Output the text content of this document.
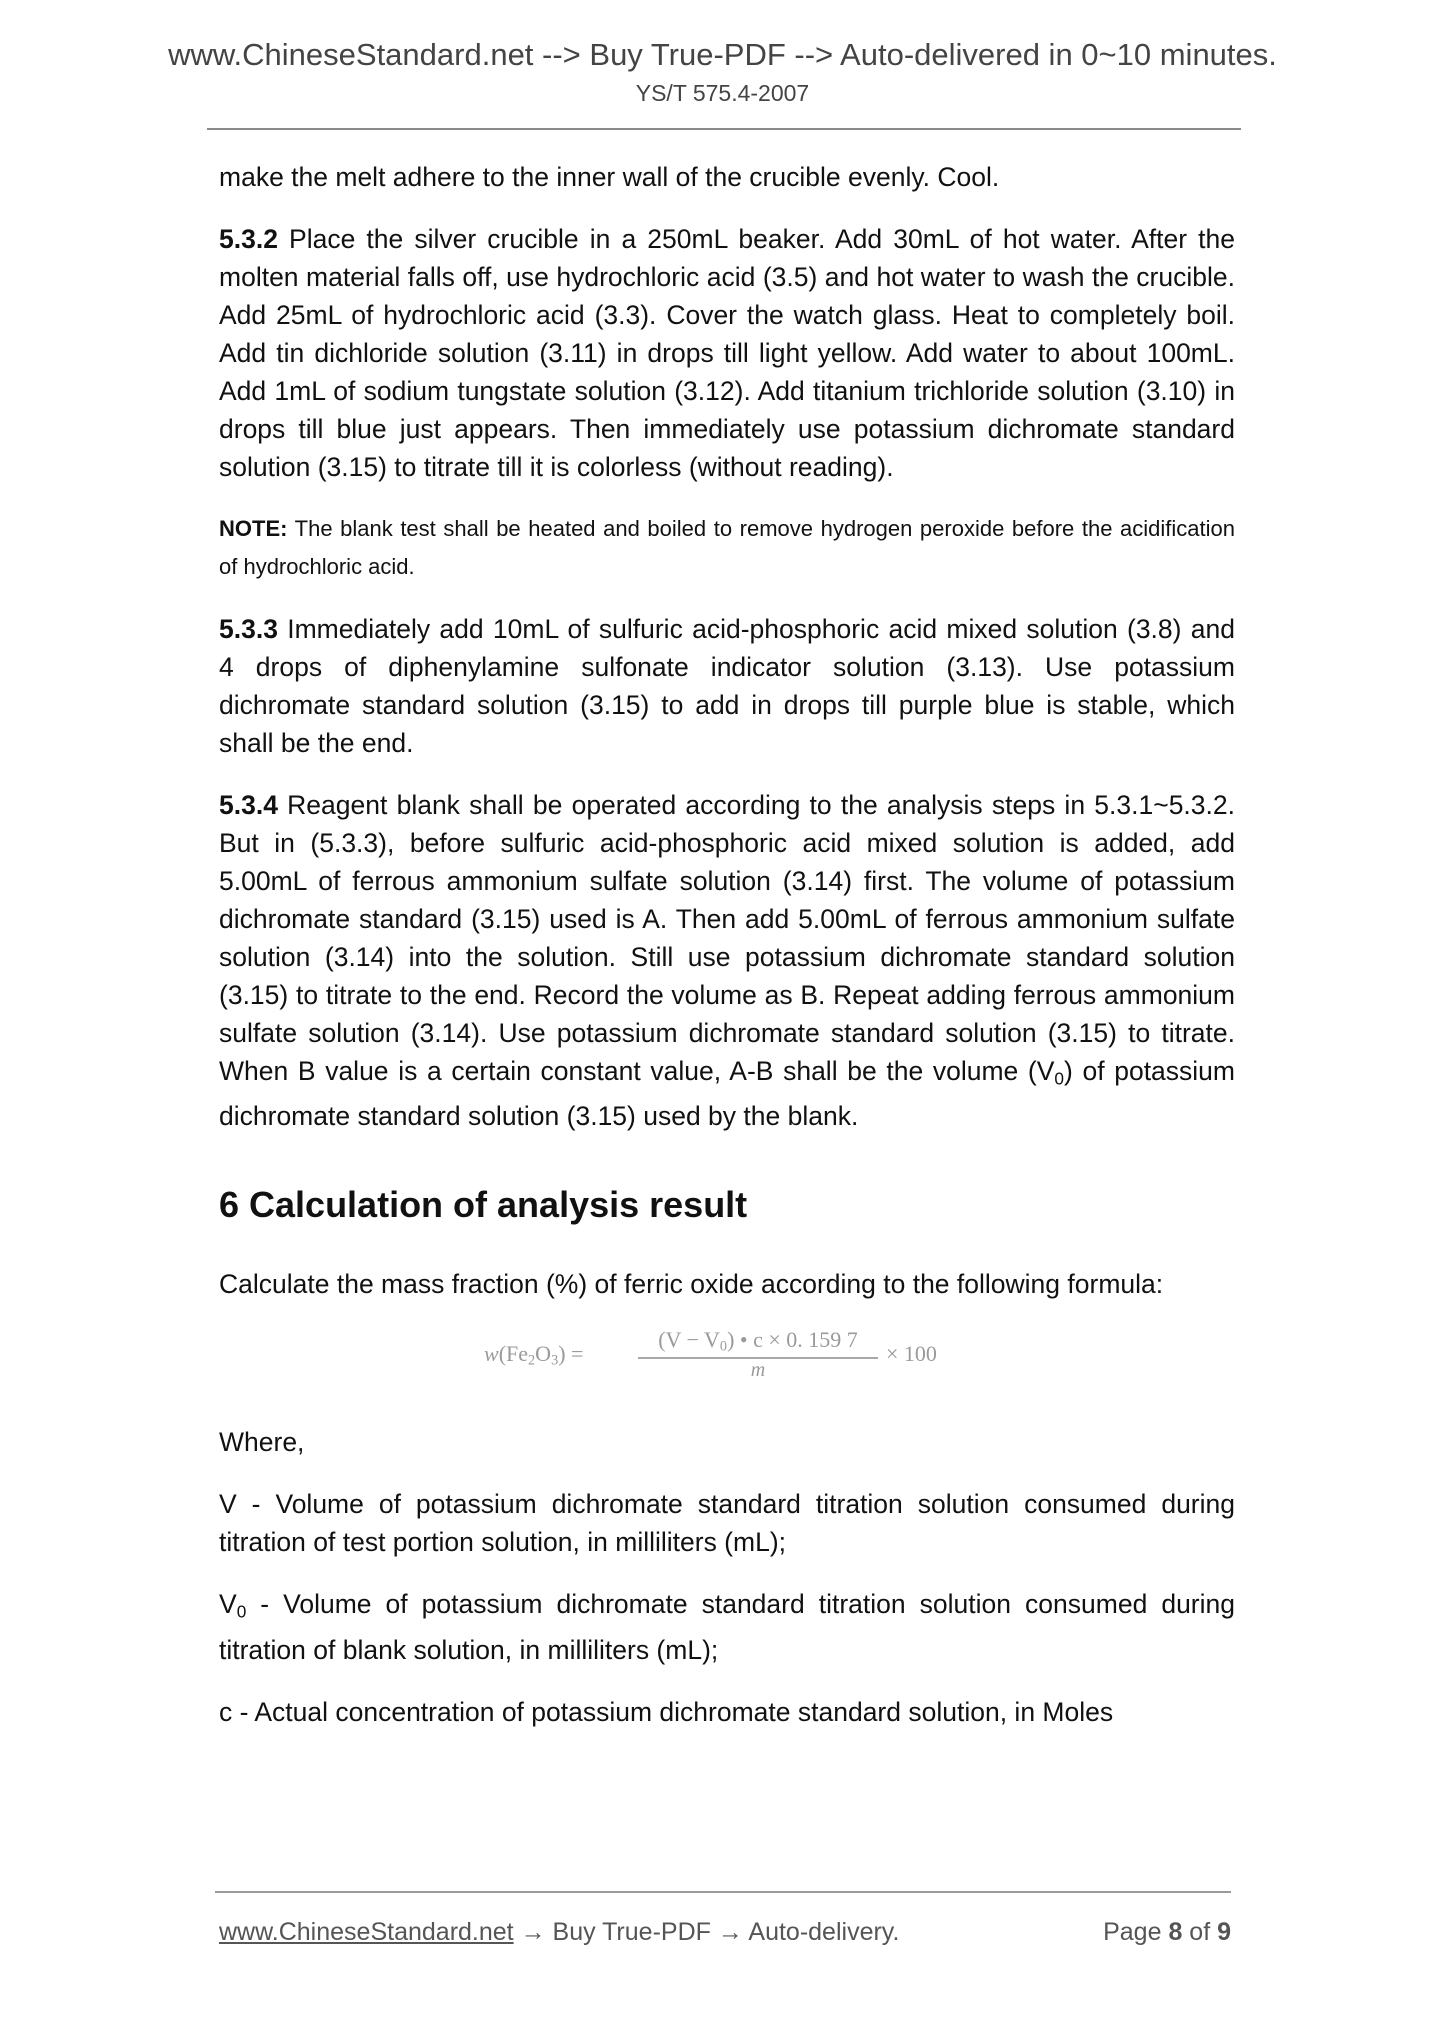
www.ChineseStandard.net --> Buy True-PDF --> Auto-delivered in 0~10 minutes.
YS/T 575.4-2007

make the melt adhere to the inner wall of the crucible evenly. Cool.

5.3.2 Place the silver crucible in a 250mL beaker. Add 30mL of hot water. After the molten material falls off, use hydrochloric acid (3.5) and hot water to wash the crucible. Add 25mL of hydrochloric acid (3.3). Cover the watch glass. Heat to completely boil. Add tin dichloride solution (3.11) in drops till light yellow. Add water to about 100mL. Add 1mL of sodium tungstate solution (3.12). Add titanium trichloride solution (3.10) in drops till blue just appears. Then immediately use potassium dichromate standard solution (3.15) to titrate till it is colorless (without reading).

NOTE: The blank test shall be heated and boiled to remove hydrogen peroxide before the acidification of hydrochloric acid.

5.3.3 Immediately add 10mL of sulfuric acid-phosphoric acid mixed solution (3.8) and 4 drops of diphenylamine sulfonate indicator solution (3.13). Use potassium dichromate standard solution (3.15) to add in drops till purple blue is stable, which shall be the end.

5.3.4 Reagent blank shall be operated according to the analysis steps in 5.3.1~5.3.2. But in (5.3.3), before sulfuric acid-phosphoric acid mixed solution is added, add 5.00mL of ferrous ammonium sulfate solution (3.14) first. The volume of potassium dichromate standard (3.15) used is A. Then add 5.00mL of ferrous ammonium sulfate solution (3.14) into the solution. Still use potassium dichromate standard solution (3.15) to titrate to the end. Record the volume as B. Repeat adding ferrous ammonium sulfate solution (3.14). Use potassium dichromate standard solution (3.15) to titrate. When B value is a certain constant value, A-B shall be the volume $(V_0)$ of potassium dichromate standard solution (3.15) used by the blank.

6 Calculation of analysis result

Calculate the mass fraction (%) of ferric oxide according to the following formula:

$w(Fe_2O_3) = \frac{(V - V_0) • c \times 0. 159 7}{m} \times 100$

Where,

V - Volume of potassium dichromate standard titration solution consumed during titration of test portion solution, in milliliters (mL);

$V_0$ - Volume of potassium dichromate standard titration solution consumed during titration of blank solution, in milliliters (mL);

c - Actual concentration of potassium dichromate standard solution, in Moles

www.ChineseStandard.net → Buy True-PDF → Auto-delivery.	Page 8 of 9
